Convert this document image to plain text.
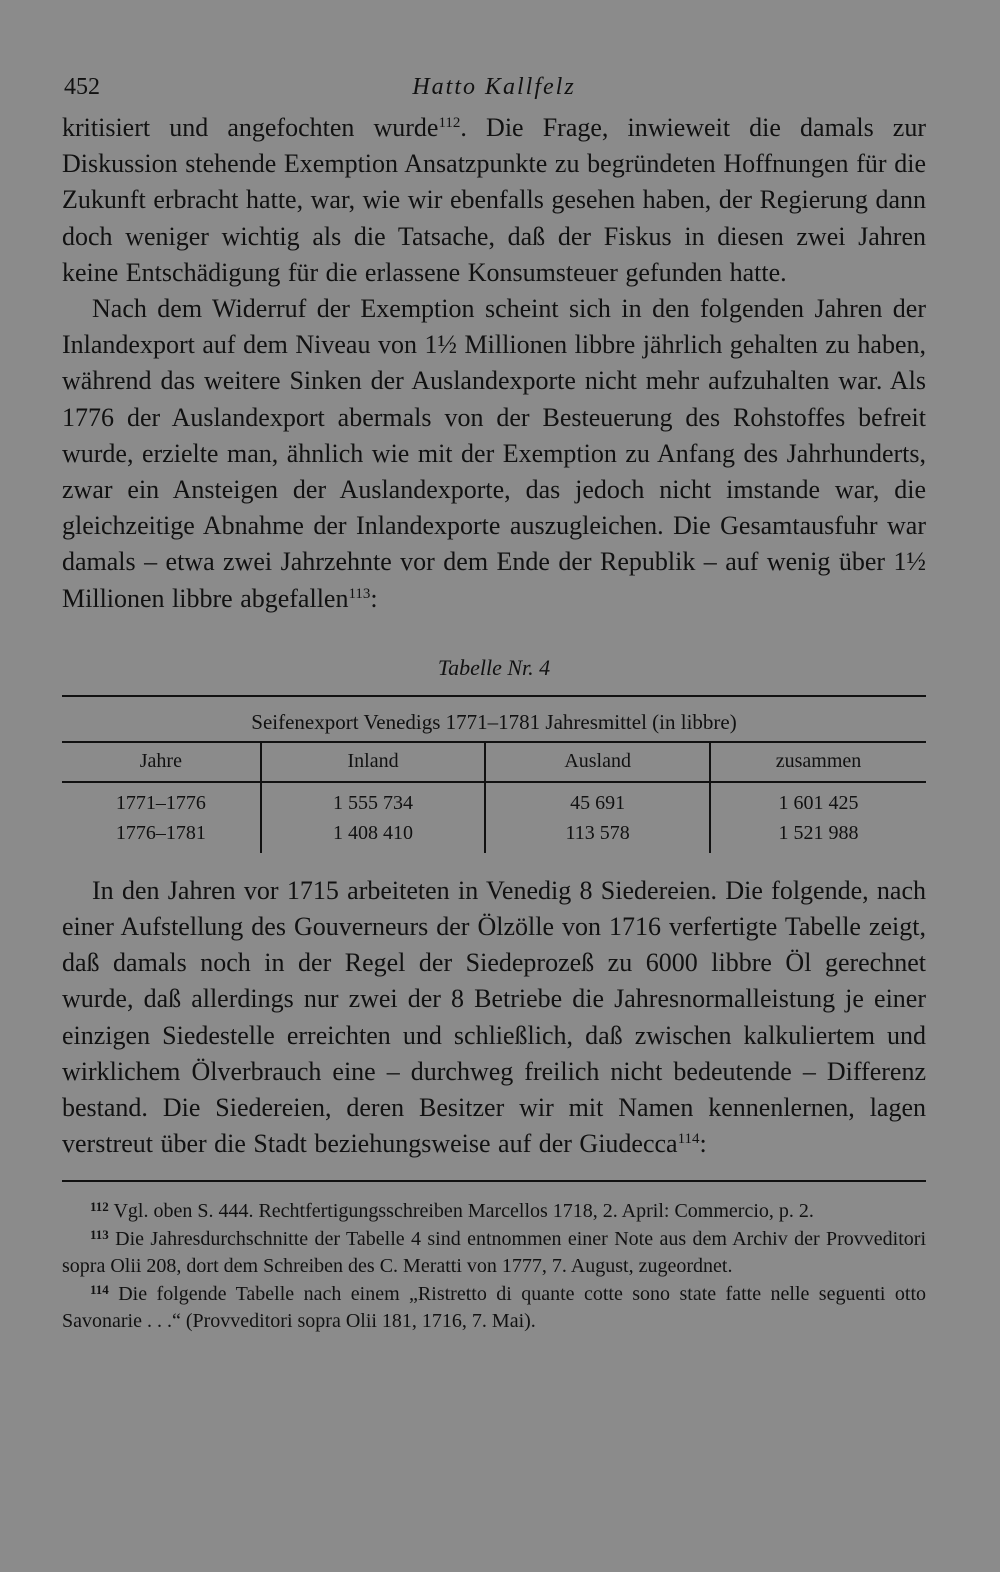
452	Hatto Kallfelz

kritisiert und angefochten wurde$^{112}$. Die Frage, inwieweit die damals zur Diskussion stehende Exemption Ansatzpunkte zu begründeten Hoffnungen für die Zukunft erbracht hatte, war, wie wir ebenfalls gesehen haben, der Regierung dann doch weniger wichtig als die Tatsache, daß der Fiskus in diesen zwei Jahren keine Entschädigung für die erlassene Konsumsteuer gefunden hatte.

Nach dem Widerruf der Exemption scheint sich in den folgenden Jahren der Inlandexport auf dem Niveau von 1½ Millionen libbre jährlich gehalten zu haben, während das weitere Sinken der Auslandexporte nicht mehr aufzuhalten war. Als 1776 der Auslandexport abermals von der Besteuerung des Rohstoffes befreit wurde, erzielte man, ähnlich wie mit der Exemption zu Anfang des Jahrhunderts, zwar ein Ansteigen der Auslandexporte, das jedoch nicht imstande war, die gleichzeitige Abnahme der Inlandexporte auszugleichen. Die Gesamtausfuhr war damals – etwa zwei Jahrzehnte vor dem Ende der Republik – auf wenig über 1½ Millionen libbre abgefallen$^{113}$:

Tabelle Nr. 4
Seifenexport Venedigs 1771–1781 Jahresmittel (in libbre)
Jahre	Inland	Ausland	zusammen
1771–1776	1 555 734	45 691	1 601 425
1776–1781	1 408 410	113 578	1 521 988

In den Jahren vor 1715 arbeiteten in Venedig 8 Siedereien. Die folgende, nach einer Aufstellung des Gouverneurs der Ölzölle von 1716 verfertigte Tabelle zeigt, daß damals noch in der Regel der Siedeprozeß zu 6000 libbre Öl gerechnet wurde, daß allerdings nur zwei der 8 Betriebe die Jahresnormalleistung je einer einzigen Siedestelle erreichten und schließlich, daß zwischen kalkuliertem und wirklichem Ölverbrauch eine – durchweg freilich nicht bedeutende – Differenz bestand. Die Siedereien, deren Besitzer wir mit Namen kennenlernen, lagen verstreut über die Stadt beziehungsweise auf der Giudecca$^{114}$:

$^{112}$ Vgl. oben S. 444. Rechtfertigungsschreiben Marcellos 1718, 2. April: Commercio, p. 2.

$^{113}$ Die Jahresdurchschnitte der Tabelle 4 sind entnommen einer Note aus dem Archiv der Provveditori sopra Olii 208, dort dem Schreiben des C. Meratti von 1777, 7. August, zugeordnet.

$^{114}$ Die folgende Tabelle nach einem „Ristretto di quante cotte sono state fatte nelle seguenti otto Savonarie . . .“ (Provveditori sopra Olii 181, 1716, 7. Mai).
